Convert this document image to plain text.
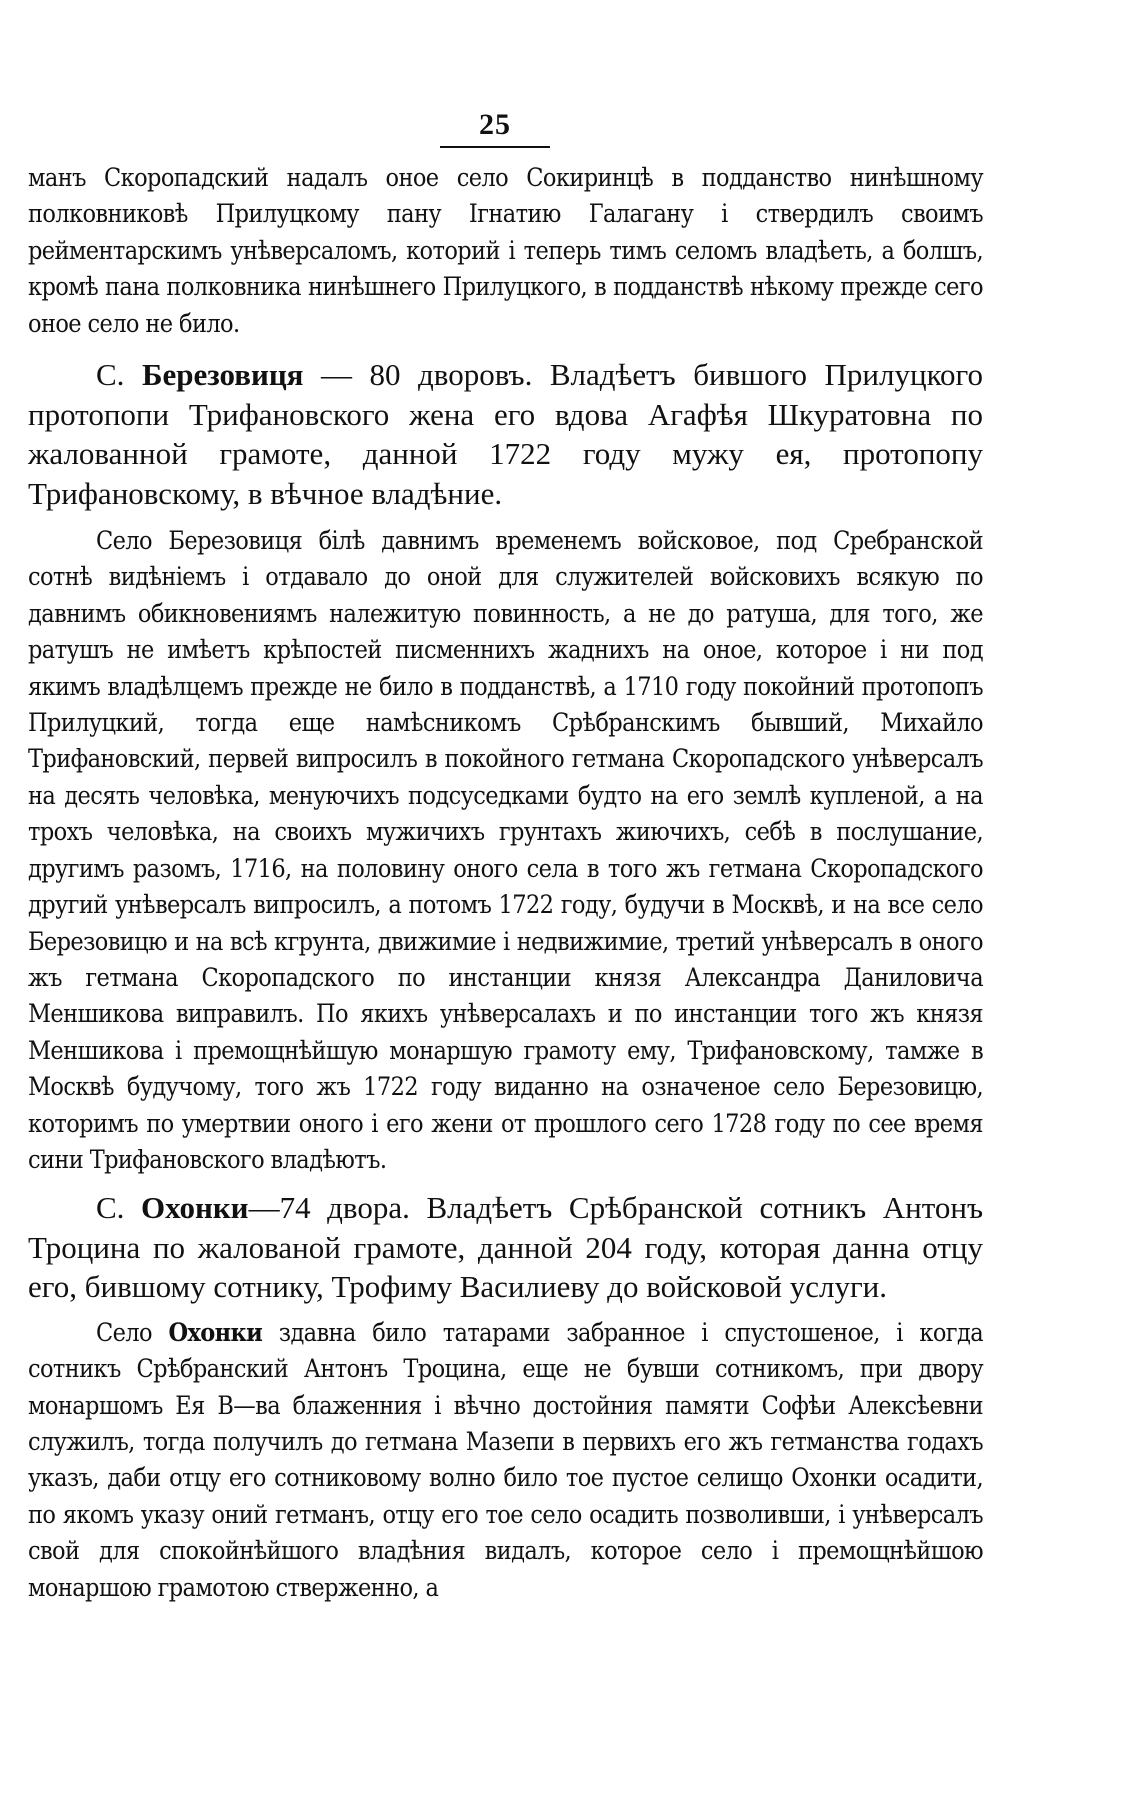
25

манъ Скоропадский надалъ оное село Сокиринцѣ в подданство нинѣшному полковниковѣ Прилуцкому пану Iгнатию Галагану i ствердилъ своимъ рейментарскимъ унѣверсаломъ, которий i теперь тимъ селомъ владѣеть, а болшъ, кромѣ пана полковника нинѣшнего Прилуцкого, в подданствѣ нѣкому прежде сего оное село не било.

С. Березовиця — 80 дворовъ. Владѣетъ бившого Прилуцкого протопопи Трифановского жена его вдова Агафѣя Шкуратовна по жалованной грамоте, данной 1722 году мужу ея, протопопу Трифановскому, в вѣчное владѣние.

Село Березовиця бiлѣ давнимъ временемъ войсковое, под Сребранской сотнѣ видѣнiемъ i отдавало до оной для служителей войсковихъ всякую по давнимъ обикновениямъ належитую повинность, а не до ратуша, для того, же ратушъ не имѣетъ крѣпостей писменнихъ жаднихъ на оное, которое i ни под якимъ владѣлцемъ прежде не било в подданствѣ, а 1710 году покойний протопопъ Прилуцкий, тогда еще намѣсникомъ Срѣбранскимъ бывший, Михайло Трифановский, первей випросилъ в покойного гетмана Скоропадского унѣверсалъ на десять человѣка, менуючихъ подсуседками будто на его землѣ купленой, а на трохъ человѣка, на своихъ мужичихъ грунтахъ жиючихъ, себѣ в послушание, другимъ разомъ, 1716, на половину оного села в того жъ гетмана Скоропадского другий унѣверсалъ випросилъ, а потомъ 1722 году, будучи в Москвѣ, и на все село Березовицю и на всѣ кгрунта, движимие i недвижимие, третий унѣверсалъ в оного жъ гетмана Скоропадского по инстанции князя Александра Даниловича Меншикова виправилъ. По якихъ унѣверсалахъ и по инстанции того жъ князя Меншикова i премощнѣйшую монаршую грамоту ему, Трифановскому, тамже в Москвѣ будучому, того жъ 1722 году виданно на означеное село Березовицю, которимъ по умертвии оного i его жени от прошлого сего 1728 году по сее время сини Трифановского владѣютъ.

С. Охонки—74 двора. Владѣетъ Срѣбранской сотникъ Антонъ Троцина по жалованой грамоте, данной 204 году, которая данна отцу его, бившому сотнику, Трофиму Василиеву до войсковой услуги.

Село Охонки здавна било татарами забранное i спустошеное, i когда сотникъ Срѣбранский Антонъ Троцина, еще не бувши сотникомъ, при двору монаршомъ Ея В—ва блаженния i вѣчно достойния памяти Софѣи Алексѣевни служилъ, тогда получилъ до гетмана Мазепи в первихъ его жъ гетманства годахъ указъ, даби отцу его сотниковому волно било тое пустое селищо Охонки осадити, по якомъ указу оний гетманъ, отцу его тое село осадить позволивши, i унѣверсалъ свой для спокойнѣйшого владѣния видалъ, которое село i премощнѣйшою монаршою грамотою стверженно, а
